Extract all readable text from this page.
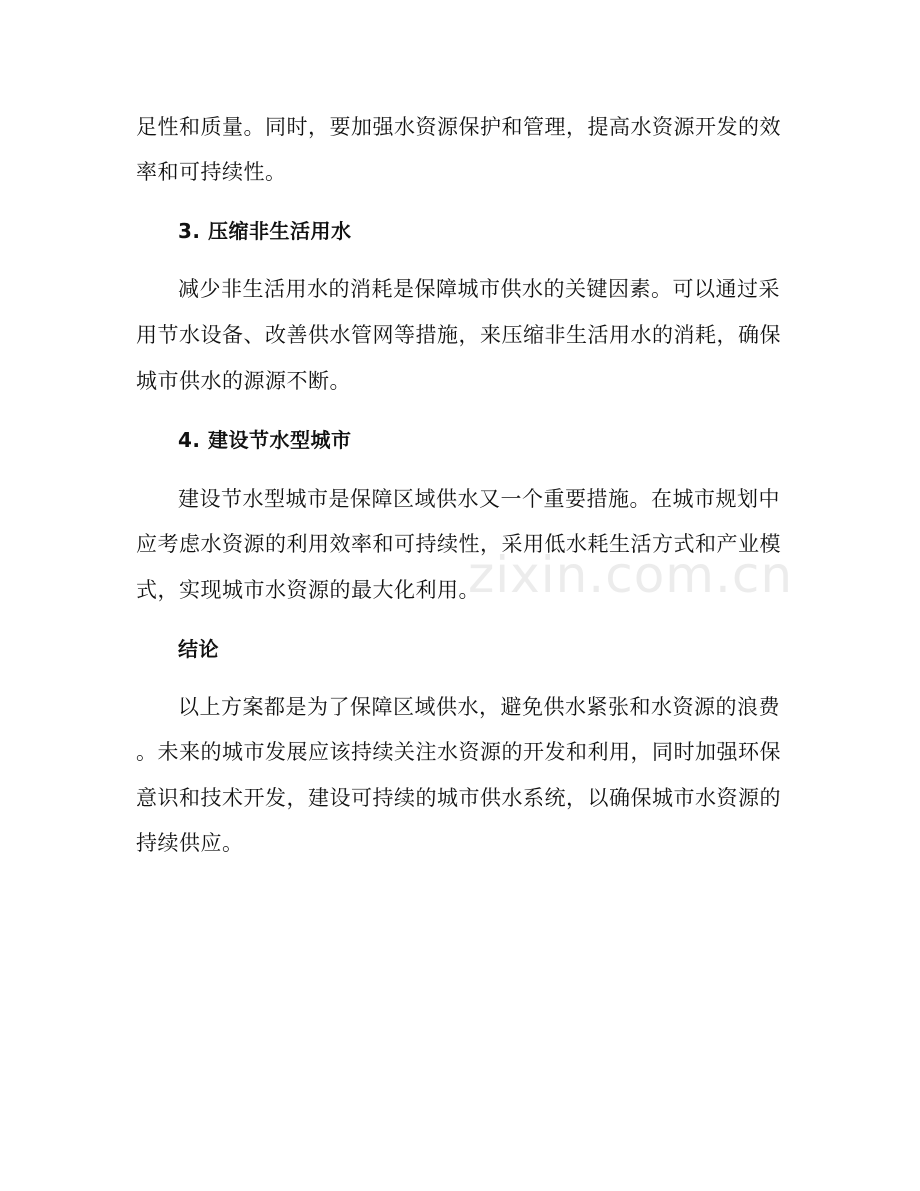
足性和质量。同时，要加强水资源保护和管理，提高水资源开发的效
率和可持续性。
3. 压缩非生活用水
减少非生活用水的消耗是保障城市供水的关键因素。可以通过采
用节水设备、改善供水管网等措施，来压缩非生活用水的消耗，确保
城市供水的源源不断。
4. 建设节水型城市
建设节水型城市是保障区域供水又一个重要措施。在城市规划中
应考虑水资源的利用效率和可持续性，采用低水耗生活方式和产业模
式，实现城市水资源的最大化利用。
结论
以上方案都是为了保障区域供水，避免供水紧张和水资源的浪费
。未来的城市发展应该持续关注水资源的开发和利用，同时加强环保
意识和技术开发，建设可持续的城市供水系统，以确保城市水资源的
持续供应。
zixin.com.cn
